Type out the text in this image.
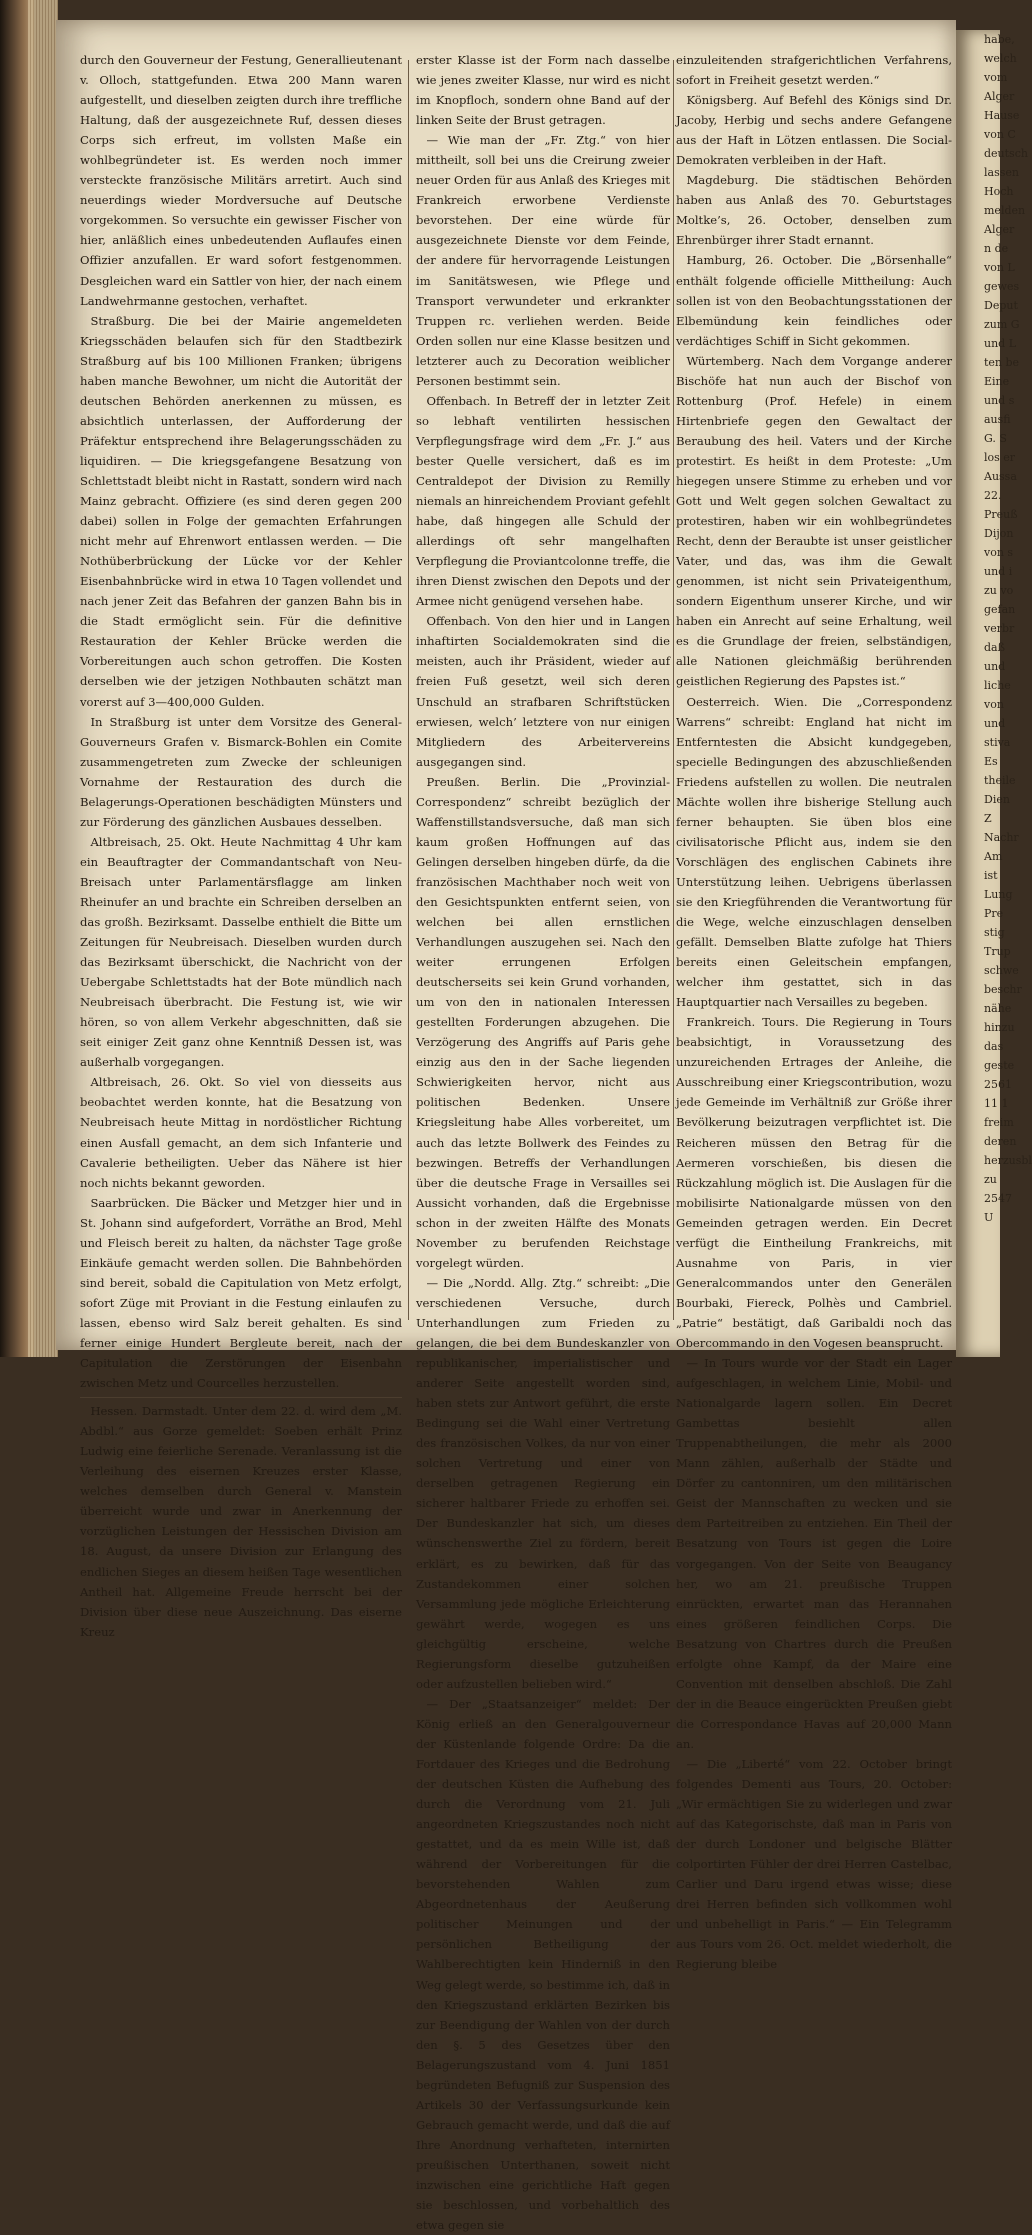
durch den Gouverneur der Festung, Generallieutenant v. Olloch, stattgefunden. Etwa 200 Mann waren aufgestellt, und dieselben zeigten durch ihre treffliche Haltung, daß der ausgezeichnete Ruf, dessen dieses Corps sich erfreut, im vollsten Maße ein wohlbegründeter ist. Es werden noch immer versteckte französische Militärs arretirt. Auch sind neuerdings wieder Mordversuche auf Deutsche vorgekommen. So versuchte ein gewisser Fischer von hier, anläßlich eines unbedeutenden Auflaufes einen Offizier anzufallen. Er ward sofort festgenommen. Desgleichen ward ein Sattler von hier, der nach einem Landwehrmanne gestochen, verhaftet.

Straßburg. Die bei der Mairie angemeldeten Kriegsschäden belaufen sich für den Stadtbezirk Straßburg auf bis 100 Millionen Franken; übrigens haben manche Bewohner, um nicht die Autorität der deutschen Behörden anerkennen zu müssen, es absichtlich unterlassen, der Aufforderung der Präfektur entsprechend ihre Belagerungsschäden zu liquidiren. — Die kriegsgefangene Besatzung von Schlettstadt bleibt nicht in Rastatt, sondern wird nach Mainz gebracht. Offiziere (es sind deren gegen 200 dabei) sollen in Folge der gemachten Erfahrungen nicht mehr auf Ehrenwort entlassen werden. — Die Nothüberbrückung der Lücke vor der Kehler Eisenbahnbrücke wird in etwa 10 Tagen vollendet und nach jener Zeit das Befahren der ganzen Bahn bis in die Stadt ermöglicht sein. Für die definitive Restauration der Kehler Brücke werden die Vorbereitungen auch schon getroffen. Die Kosten derselben wie der jetzigen Nothbauten schätzt man vorerst auf 3—400,000 Gulden.

In Straßburg ist unter dem Vorsitze des General-Gouverneurs Grafen v. Bismarck-Bohlen ein Comite zusammengetreten zum Zwecke der schleunigen Vornahme der Restauration des durch die Belagerungs-Operationen beschädigten Münsters und zur Förderung des gänzlichen Ausbaues desselben.

Altbreisach, 25. Okt. Heute Nachmittag 4 Uhr kam ein Beauftragter der Commandantschaft von Neu-Breisach unter Parlamentärsflagge am linken Rheinufer an und brachte ein Schreiben derselben an das großh. Bezirksamt. Dasselbe enthielt die Bitte um Zeitungen für Neubreisach. Dieselben wurden durch das Bezirksamt überschickt, die Nachricht von der Uebergabe Schlettstadts hat der Bote mündlich nach Neubreisach überbracht. Die Festung ist, wie wir hören, so von allem Verkehr abgeschnitten, daß sie seit einiger Zeit ganz ohne Kenntniß Dessen ist, was außerhalb vorgegangen.

Altbreisach, 26. Okt. So viel von diesseits aus beobachtet werden konnte, hat die Besatzung von Neubreisach heute Mittag in nordöstlicher Richtung einen Ausfall gemacht, an dem sich Infanterie und Cavalerie betheiligten. Ueber das Nähere ist hier noch nichts bekannt geworden.

Saarbrücken. Die Bäcker und Metzger hier und in St. Johann sind aufgefordert, Vorräthe an Brod, Mehl und Fleisch bereit zu halten, da nächster Tage große Einkäufe gemacht werden sollen. Die Bahnbehörden sind bereit, sobald die Capitulation von Metz erfolgt, sofort Züge mit Proviant in die Festung einlaufen zu lassen, ebenso wird Salz bereit gehalten. Es sind ferner einige Hundert Bergleute bereit, nach der Capitulation die Zerstörungen der Eisenbahn zwischen Metz und Courcelles herzustellen.

Hessen. Darmstadt. Unter dem 22. d. wird dem „M. Abdbl.“ aus Gorze gemeldet: Soeben erhält Prinz Ludwig eine feierliche Serenade. Veranlassung ist die Verleihung des eisernen Kreuzes erster Klasse, welches demselben durch General v. Manstein überreicht wurde und zwar in Anerkennung der vorzüglichen Leistungen der Hessischen Division am 18. August, da unsere Division zur Erlangung des endlichen Sieges an diesem heißen Tage wesentlichen Antheil hat. Allgemeine Freude herrscht bei der Division über diese neue Auszeichnung. Das eiserne Kreuz

erster Klasse ist der Form nach dasselbe wie jenes zweiter Klasse, nur wird es nicht im Knopfloch, sondern ohne Band auf der linken Seite der Brust getragen.

— Wie man der „Fr. Ztg.“ von hier mittheilt, soll bei uns die Creirung zweier neuer Orden für aus Anlaß des Krieges mit Frankreich erworbene Verdienste bevorstehen. Der eine würde für ausgezeichnete Dienste vor dem Feinde, der andere für hervorragende Leistungen im Sanitätswesen, wie Pflege und Transport verwundeter und erkrankter Truppen rc. verliehen werden. Beide Orden sollen nur eine Klasse besitzen und letzterer auch zu Decoration weiblicher Personen bestimmt sein.

Offenbach. In Betreff der in letzter Zeit so lebhaft ventilirten hessischen Verpflegungsfrage wird dem „Fr. J.“ aus bester Quelle versichert, daß es im Centraldepot der Division zu Remilly niemals an hinreichendem Proviant gefehlt habe, daß hingegen alle Schuld der allerdings oft sehr mangelhaften Verpflegung die Proviantcolonne treffe, die ihren Dienst zwischen den Depots und der Armee nicht genügend versehen habe.

Offenbach. Von den hier und in Langen inhaftirten Socialdemokraten sind die meisten, auch ihr Präsident, wieder auf freien Fuß gesetzt, weil sich deren Unschuld an strafbaren Schriftstücken erwiesen, welch’ letztere von nur einigen Mitgliedern des Arbeitervereins ausgegangen sind.

Preußen. Berlin. Die „Provinzial-Correspondenz“ schreibt bezüglich der Waffenstillstandsversuche, daß man sich kaum großen Hoffnungen auf das Gelingen derselben hingeben dürfe, da die französischen Machthaber noch weit von den Gesichtspunkten entfernt seien, von welchen bei allen ernstlichen Verhandlungen auszugehen sei. Nach den weiter errungenen Erfolgen deutscherseits sei kein Grund vorhanden, um von den in nationalen Interessen gestellten Forderungen abzugehen. Die Verzögerung des Angriffs auf Paris gehe einzig aus den in der Sache liegenden Schwierigkeiten hervor, nicht aus politischen Bedenken. Unsere Kriegsleitung habe Alles vorbereitet, um auch das letzte Bollwerk des Feindes zu bezwingen. Betreffs der Verhandlungen über die deutsche Frage in Versailles sei Aussicht vorhanden, daß die Ergebnisse schon in der zweiten Hälfte des Monats November zu berufenden Reichstage vorgelegt würden.

— Die „Nordd. Allg. Ztg.“ schreibt: „Die verschiedenen Versuche, durch Unterhandlungen zum Frieden zu gelangen, die bei dem Bundeskanzler von republikanischer, imperialistischer und anderer Seite angestellt worden sind, haben stets zur Antwort geführt, die erste Bedingung sei die Wahl einer Vertretung des französischen Volkes, da nur von einer solchen Vertretung und einer von derselben getragenen Regierung ein sicherer haltbarer Friede zu erhoffen sei. Der Bundeskanzler hat sich, um dieses wünschenswerthe Ziel zu fördern, bereit erklärt, es zu bewirken, daß für das Zustandekommen einer solchen Versammlung jede mögliche Erleichterung gewährt werde, wogegen es uns gleichgültig erscheine, welche Regierungsform dieselbe gutzuheißen oder aufzustellen belieben wird.“

— Der „Staatsanzeiger“ meldet: Der König erließ an den Generalgouverneur der Küstenlande folgende Ordre: Da die Fortdauer des Krieges und die Bedrohung der deutschen Küsten die Aufhebung des durch die Verordnung vom 21. Juli angeordneten Kriegszustandes noch nicht gestattet, und da es mein Wille ist, daß während der Vorbereitungen für die bevorstehenden Wahlen zum Abgeordnetenhaus der Aeußerung politischer Meinungen und der persönlichen Betheiligung der Wahlberechtigten kein Hinderniß in den Weg gelegt werde, so bestimme ich, daß in den Kriegszustand erklärten Bezirken bis zur Beendigung der Wahlen von der durch den §. 5 des Gesetzes über den Belagerungszustand vom 4. Juni 1851 begründeten Befugniß zur Suspension des Artikels 30 der Verfassungsurkunde kein Gebrauch gemacht werde, und daß die auf Ihre Anordnung verhafteten, internirten preußischen Unterthanen, soweit nicht inzwischen eine gerichtliche Haft gegen sie beschlossen, und vorbehaltlich des etwa gegen sie

einzuleitenden strafgerichtlichen Verfahrens, sofort in Freiheit gesetzt werden.“

Königsberg. Auf Befehl des Königs sind Dr. Jacoby, Herbig und sechs andere Gefangene aus der Haft in Lötzen entlassen. Die Social-Demokraten verbleiben in der Haft.

Magdeburg. Die städtischen Behörden haben aus Anlaß des 70. Geburtstages Moltke’s, 26. October, denselben zum Ehrenbürger ihrer Stadt ernannt.

Hamburg, 26. October. Die „Börsenhalle“ enthält folgende officielle Mittheilung: Auch sollen ist von den Beobachtungsstationen der Elbemündung kein feindliches oder verdächtiges Schiff in Sicht gekommen.

Würtemberg. Nach dem Vorgange anderer Bischöfe hat nun auch der Bischof von Rottenburg (Prof. Hefele) in einem Hirtenbriefe gegen den Gewaltact der Beraubung des heil. Vaters und der Kirche protestirt. Es heißt in dem Proteste: „Um hiegegen unsere Stimme zu erheben und vor Gott und Welt gegen solchen Gewaltact zu protestiren, haben wir ein wohlbegründetes Recht, denn der Beraubte ist unser geistlicher Vater, und das, was ihm die Gewalt genommen, ist nicht sein Privateigenthum, sondern Eigenthum unserer Kirche, und wir haben ein Anrecht auf seine Erhaltung, weil es die Grundlage der freien, selbständigen, alle Nationen gleichmäßig berührenden geistlichen Regierung des Papstes ist.“

Oesterreich. Wien. Die „Correspondenz Warrens“ schreibt: England hat nicht im Entferntesten die Absicht kundgegeben, specielle Bedingungen des abzuschließenden Friedens aufstellen zu wollen. Die neutralen Mächte wollen ihre bisherige Stellung auch ferner behaupten. Sie üben blos eine civilisatorische Pflicht aus, indem sie den Vorschlägen des englischen Cabinets ihre Unterstützung leihen. Uebrigens überlassen sie den Kriegführenden die Verantwortung für die Wege, welche einzuschlagen denselben gefällt. Demselben Blatte zufolge hat Thiers bereits einen Geleitschein empfangen, welcher ihm gestattet, sich in das Hauptquartier nach Versailles zu begeben.

Frankreich. Tours. Die Regierung in Tours beabsichtigt, in Voraussetzung des unzureichenden Ertrages der Anleihe, die Ausschreibung einer Kriegscontribution, wozu jede Gemeinde im Verhältniß zur Größe ihrer Bevölkerung beizutragen verpflichtet ist. Die Reicheren müssen den Betrag für die Aermeren vorschießen, bis diesen die Rückzahlung möglich ist. Die Auslagen für die mobilisirte Nationalgarde müssen von den Gemeinden getragen werden. Ein Decret verfügt die Eintheilung Frankreichs, mit Ausnahme von Paris, in vier Generalcommandos unter den Generälen Bourbaki, Fiereck, Polhès und Cambriel. „Patrie“ bestätigt, daß Garibaldi noch das Obercommando in den Vogesen beansprucht.

— In Tours wurde vor der Stadt ein Lager aufgeschlagen, in welchem Linie, Mobil- und Nationalgarde lagern sollen. Ein Decret Gambettas besiehlt allen Truppenabtheilungen, die mehr als 2000 Mann zählen, außerhalb der Städte und Dörfer zu cantonniren, um den militärischen Geist der Mannschaften zu wecken und sie dem Parteitreiben zu entziehen. Ein Theil der Besatzung von Tours ist gegen die Loire vorgegangen. Von der Seite von Beaugancy her, wo am 21. preußische Truppen einrückten, erwartet man das Herannahen eines größeren feindlichen Corps. Die Besatzung von Chartres durch die Preußen erfolgte ohne Kampf, da der Maire eine Convention mit denselben abschloß. Die Zahl der in die Beauce eingerückten Preußen giebt die Correspondance Havas auf 20,000 Mann an.

— Die „Liberté“ vom 22. October bringt folgendes Dementi aus Tours, 20. October: „Wir ermächtigen Sie zu widerlegen und zwar auf das Kategorischste, daß man in Paris von der durch Londoner und belgische Blätter colportirten Fühler der drei Herren Castelbac, Carlier und Daru irgend etwas wisse; diese drei Herren befinden sich vollkommen wohl und unbehelligt in Paris.“ — Ein Telegramm aus Tours vom 26. Oct. meldet wiederholt, die Regierung bleibe

habe,
welch
vom
Alger
Hause
von C
deutsch
lassen
Hoch
melden
Alger
n de
von L
gewes
Deput
zum G
und L
ten be
Eine
und s
ausfi
G. S
los er
Aussa
22.
Preuß
Dijon
von s
und i
zu vo
gefan
verbr
daß
und
liche
von
und
stiva
Es
theile
Dien
Z
Nachr
Am
ist
Lung
Pre
stig
Trup
schwe
beschr
nähe
hinzu
das
geste
2561
11 1
freim
deren
herzusbl
zu
2547
U
